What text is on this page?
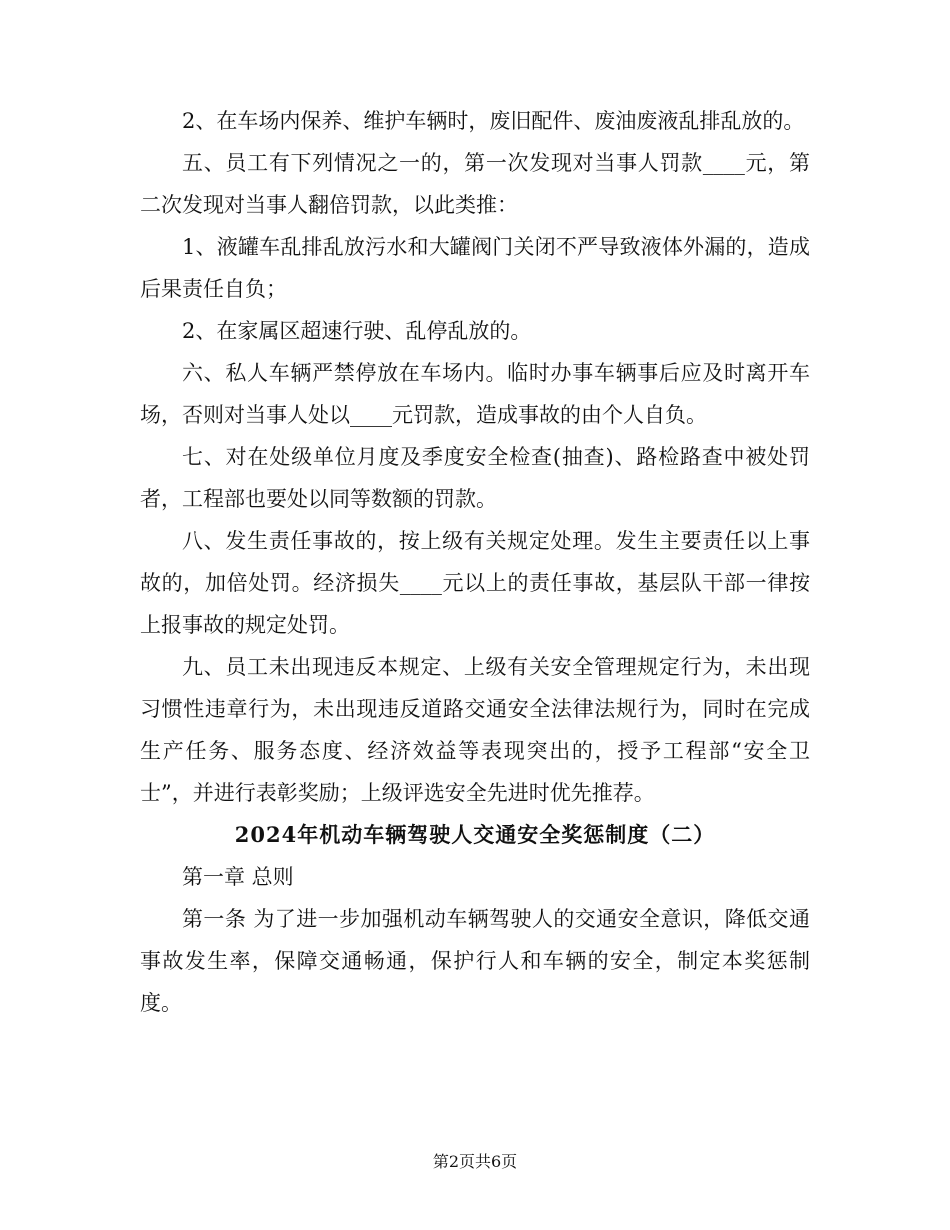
2、在车场内保养、维护车辆时，废旧配件、废油废液乱排乱放的。

五、员工有下列情况之一的，第一次发现对当事人罚款____元，第二次发现对当事人翻倍罚款，以此类推：

1、液罐车乱排乱放污水和大罐阀门关闭不严导致液体外漏的，造成后果责任自负；

2、在家属区超速行驶、乱停乱放的。

六、私人车辆严禁停放在车场内。临时办事车辆事后应及时离开车场，否则对当事人处以____元罚款，造成事故的由个人自负。

七、对在处级单位月度及季度安全检查(抽查)、路检路查中被处罚者，工程部也要处以同等数额的罚款。

八、发生责任事故的，按上级有关规定处理。发生主要责任以上事故的，加倍处罚。经济损失____元以上的责任事故，基层队干部一律按上报事故的规定处罚。

九、员工未出现违反本规定、上级有关安全管理规定行为，未出现习惯性违章行为，未出现违反道路交通安全法律法规行为，同时在完成生产任务、服务态度、经济效益等表现突出的，授予工程部“安全卫士”，并进行表彰奖励；上级评选安全先进时优先推荐。

2024年机动车辆驾驶人交通安全奖惩制度（二）

第一章 总则

第一条 为了进一步加强机动车辆驾驶人的交通安全意识，降低交通事故发生率，保障交通畅通，保护行人和车辆的安全，制定本奖惩制度。

第2页共6页
